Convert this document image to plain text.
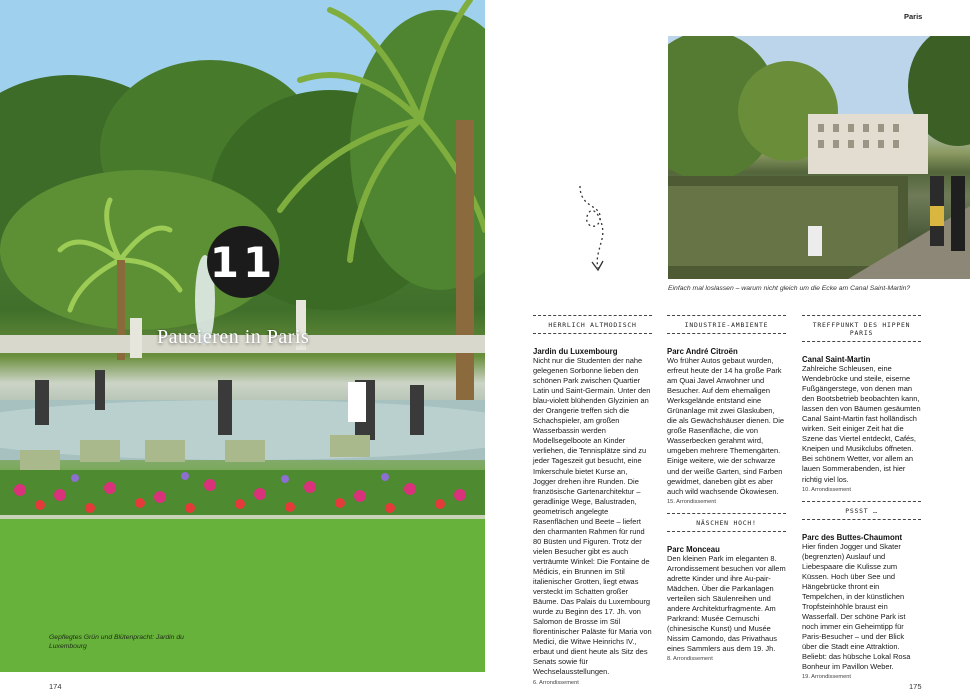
11
Pausieren in Paris
Gepflegtes Grün und Blütenpracht: Jardin du Luxembourg
174
Paris
Einfach mal loslassen – warum nicht gleich um die Ecke am Canal Saint-Martin?
HERRLICH ALTMODISCH
Jardin du Luxembourg
Nicht nur die Studenten der nahe gelegenen Sorbonne lieben den schönen Park zwischen Quartier Latin und Saint-Germain. Unter den blau-violett blühenden Glyzinien an der Orangerie treffen sich die Schachspieler, am großen Wasserbassin werden Modellsegelboote an Kinder verliehen, die Tennisplätze sind zu jeder Tageszeit gut besucht, eine Imkerschule bietet Kurse an, Jogger drehen ihre Runden. Die französische Gartenarchitektur – geradlinige Wege, Balustraden, geometrisch angelegte Rasenflächen und Beete – liefert den charmanten Rahmen für rund 80 Büsten und Figuren. Trotz der vielen Besucher gibt es auch verträumte Winkel: Die Fontaine de Médicis, ein Brunnen im Stil italienischer Grotten, liegt etwas versteckt im Schatten großer Bäume. Das Palais du Luxembourg wurde zu Beginn des 17. Jh. von Salomon de Brosse im Stil florentinischer Paläste für Maria von Medici, die Witwe Heinrichs IV., erbaut und dient heute als Sitz des Senats sowie für Wechselausstellungen.
6. Arrondissement
INDUSTRIE-AMBIENTE
Parc André Citroën
Wo früher Autos gebaut wurden, erfreut heute der 14 ha große Park am Quai Javel Anwohner und Besucher. Auf dem ehemaligen Werksgelände entstand eine Grünanlage mit zwei Glaskuben, die als Gewächshäuser dienen. Die große Rasenfläche, die von Wasserbecken gerahmt wird, umgeben mehrere Themengärten. Einige weitere, wie der schwarze und der weiße Garten, sind Farben gewidmet, daneben gibt es aber auch wild wachsende Ökowiesen.
15. Arrondissement
NÄSCHEN HOCH!
Parc Monceau
Den kleinen Park im eleganten 8. Arrondissement besuchen vor allem adrette Kinder und ihre Au-pair-Mädchen. Über die Parkanlagen verteilen sich Säulenreihen und andere Architekturfragmente. Am Parkrand: Musée Cernuschi (chinesische Kunst) und Musée Nissim Camondo, das Privathaus eines Sammlers aus dem 19. Jh.
8. Arrondissement
TREFFPUNKT DES HIPPEN PARIS
Canal Saint-Martin
Zahlreiche Schleusen, eine Wendebrücke und steile, eiserne Fußgängerstege, von denen man den Bootsbetrieb beobachten kann, lassen den von Bäumen gesäumten Canal Saint-Martin fast holländisch wirken. Seit einiger Zeit hat die Szene das Viertel entdeckt, Cafés, Kneipen und Musikclubs öffneten. Bei schönem Wetter, vor allem an lauen Sommerabenden, ist hier richtig viel los.
10. Arrondissement
PSSST …
Parc des Buttes-Chaumont
Hier finden Jogger und Skater (begrenzten) Auslauf und Liebespaare die Kulisse zum Küssen. Hoch über See und Hängebrücke thront ein Tempelchen, in der künstlichen Tropfsteinhöhle braust ein Wasserfall. Der schöne Park ist noch immer ein Geheimtipp für Paris-Besucher – und der Blick über die Stadt eine Attraktion. Beliebt: das hübsche Lokal Rosa Bonheur im Pavillon Weber.
19. Arrondissement
175
